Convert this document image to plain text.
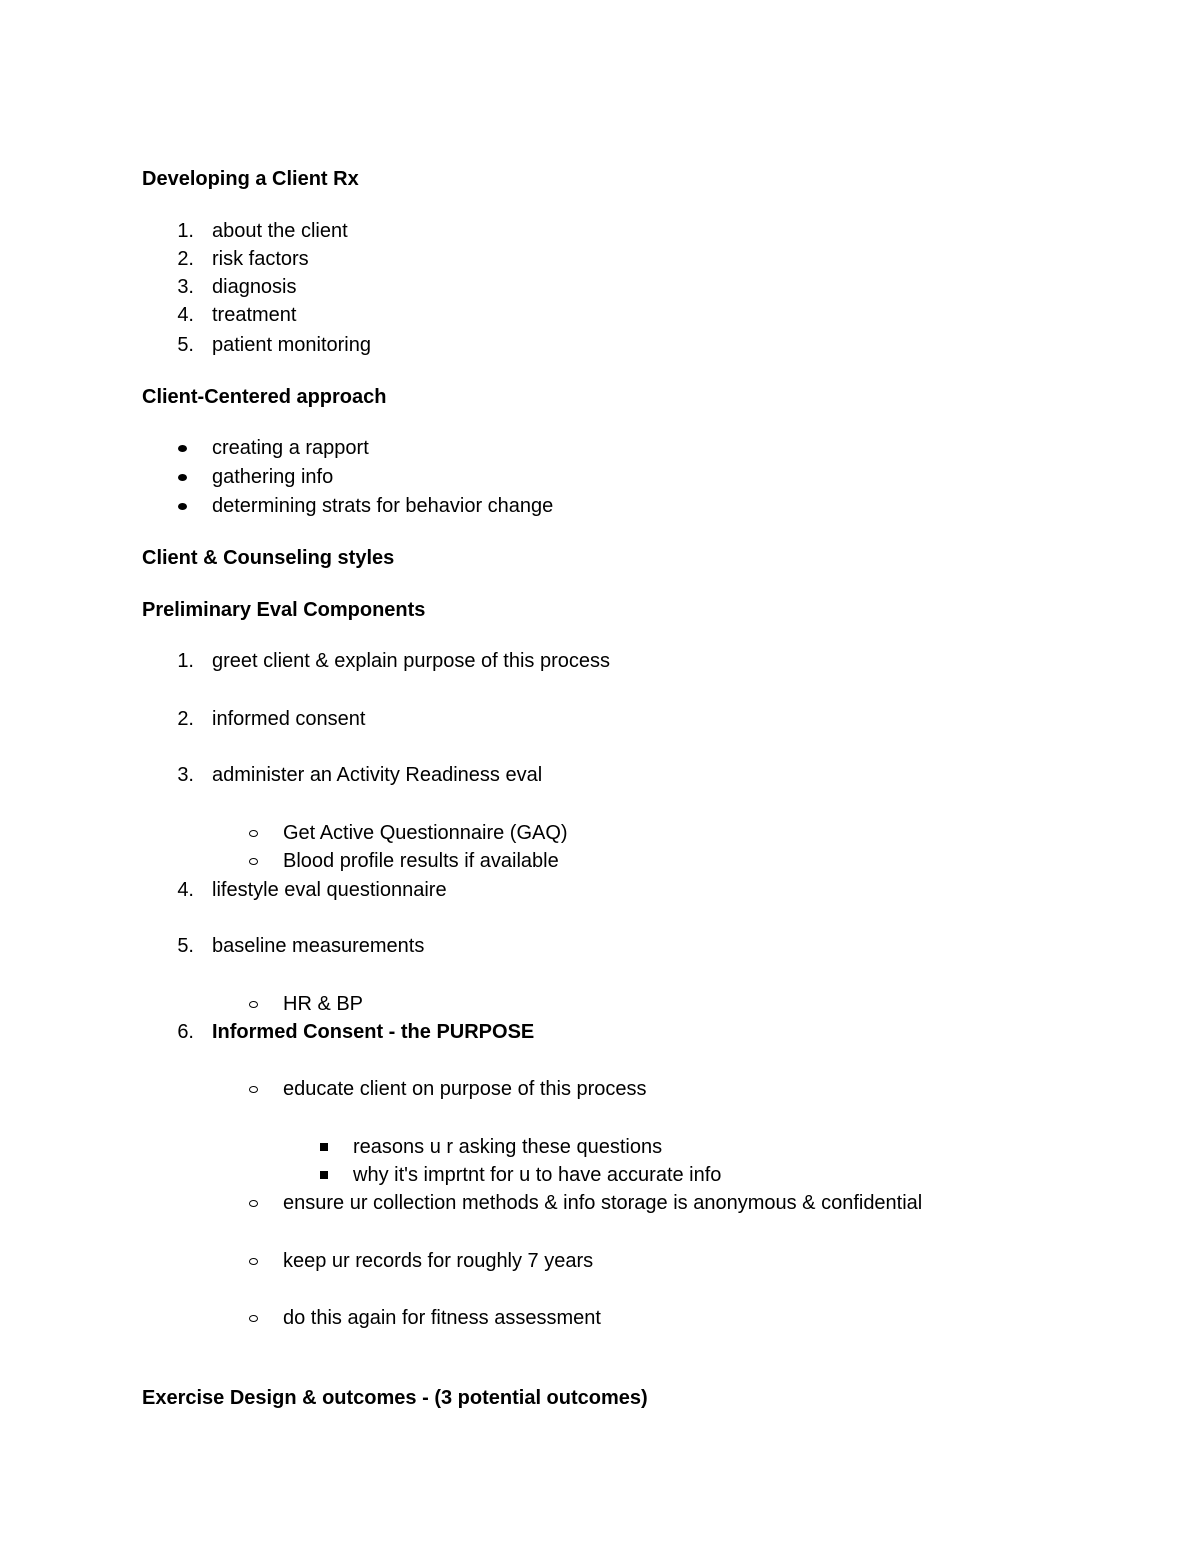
Developing a Client Rx
1. about the client
2. risk factors
3. diagnosis
4. treatment
5. patient monitoring
Client-Centered approach
creating a rapport
gathering info
determining strats for behavior change
Client & Counseling styles
Preliminary Eval Components
1. greet client & explain purpose of this process
2. informed consent
3. administer an Activity Readiness eval
Get Active Questionnaire (GAQ)
Blood profile results if available
4. lifestyle eval questionnaire
5. baseline measurements
HR & BP
6. Informed Consent - the PURPOSE
educate client on purpose of this process
reasons u r asking these questions
why it's imprtnt for u to have accurate info
ensure ur collection methods & info storage is anonymous & confidential
keep ur records for roughly 7 years
do this again for fitness assessment
Exercise Design & outcomes - (3 potential outcomes)
